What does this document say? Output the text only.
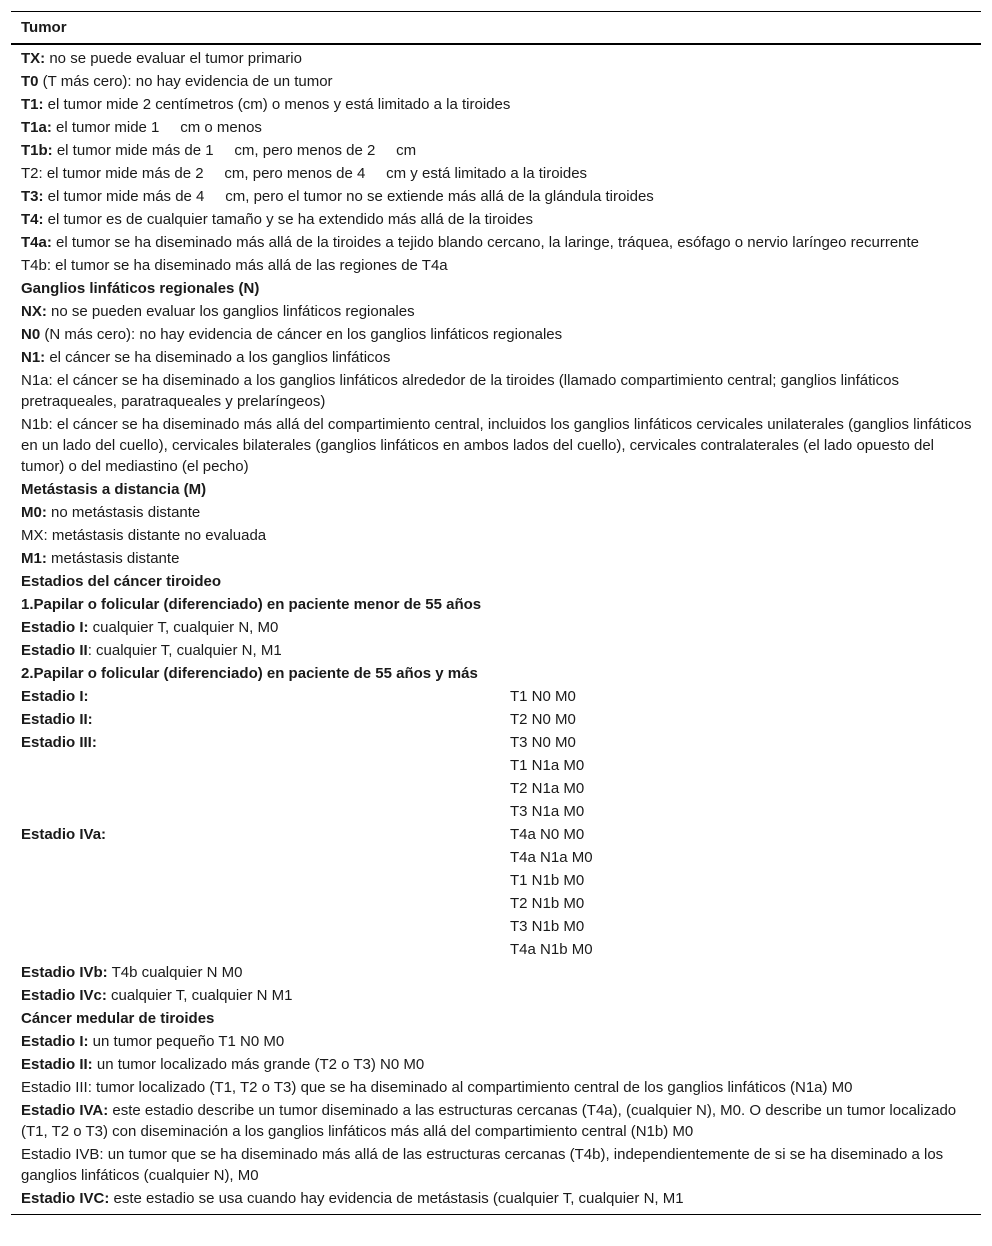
Tumor
TX: no se puede evaluar el tumor primario
T0 (T más cero): no hay evidencia de un tumor
T1: el tumor mide 2 centímetros (cm) o menos y está limitado a la tiroides
T1a: el tumor mide 1     cm o menos
T1b: el tumor mide más de 1     cm, pero menos de 2     cm
T2: el tumor mide más de 2     cm, pero menos de 4     cm y está limitado a la tiroides
T3: el tumor mide más de 4     cm, pero el tumor no se extiende más allá de la glándula tiroides
T4: el tumor es de cualquier tamaño y se ha extendido más allá de la tiroides
T4a: el tumor se ha diseminado más allá de la tiroides a tejido blando cercano, la laringe, tráquea, esófago o nervio laríngeo recurrente
T4b: el tumor se ha diseminado más allá de las regiones de T4a
Ganglios linfáticos regionales (N)
NX: no se pueden evaluar los ganglios linfáticos regionales
N0 (N más cero): no hay evidencia de cáncer en los ganglios linfáticos regionales
N1: el cáncer se ha diseminado a los ganglios linfáticos
N1a: el cáncer se ha diseminado a los ganglios linfáticos alrededor de la tiroides (llamado compartimiento central; ganglios linfáticos pretraqueales, paratraqueales y prelaríngeos)
N1b: el cáncer se ha diseminado más allá del compartimiento central, incluidos los ganglios linfáticos cervicales unilaterales (ganglios linfáticos en un lado del cuello), cervicales bilaterales (ganglios linfáticos en ambos lados del cuello), cervicales contralaterales (el lado opuesto del tumor) o del mediastino (el pecho)
Metástasis a distancia (M)
M0: no metástasis distante
MX: metástasis distante no evaluada
M1: metástasis distante
Estadios del cáncer tiroideo
1.Papilar o folicular (diferenciado) en paciente menor de 55 años
Estadio I: cualquier T, cualquier N, M0
Estadio II: cualquier T, cualquier N, M1
2.Papilar o folicular (diferenciado) en paciente de 55 años y más
Estadio I:	T1 N0 M0
Estadio II:	T2 N0 M0
Estadio III:	T3 N0 M0
T1 N1a M0
T2 N1a M0
T3 N1a M0
Estadio IVa:	T4a N0 M0
T4a N1a M0
T1 N1b M0
T2 N1b M0
T3 N1b M0
T4a N1b M0
Estadio IVb: T4b cualquier N M0
Estadio IVc: cualquier T, cualquier N M1
Cáncer medular de tiroides
Estadio I: un tumor pequeño T1 N0 M0
Estadio II: un tumor localizado más grande (T2 o T3) N0 M0
Estadio III: tumor localizado (T1, T2 o T3) que se ha diseminado al compartimiento central de los ganglios linfáticos (N1a) M0
Estadio IVA: este estadio describe un tumor diseminado a las estructuras cercanas (T4a), (cualquier N), M0. O describe un tumor localizado (T1, T2 o T3) con diseminación a los ganglios linfáticos más allá del compartimiento central (N1b) M0
Estadio IVB: un tumor que se ha diseminado más allá de las estructuras cercanas (T4b), independientemente de si se ha diseminado a los ganglios linfáticos (cualquier N), M0
Estadio IVC: este estadio se usa cuando hay evidencia de metástasis (cualquier T, cualquier N, M1
